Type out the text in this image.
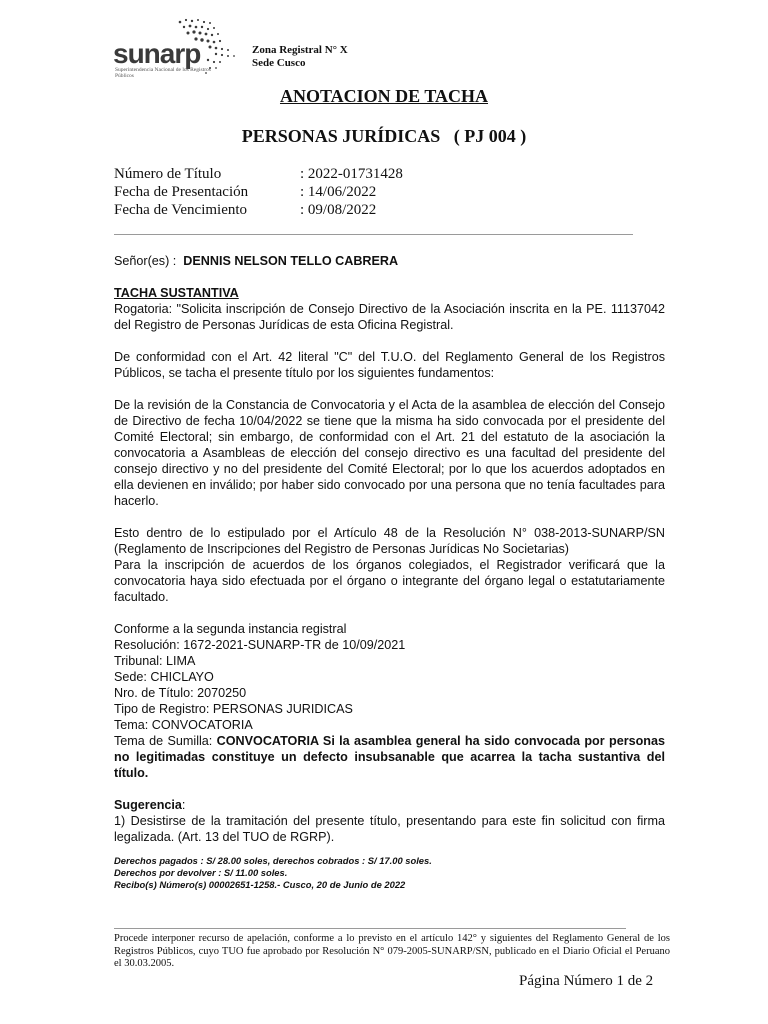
sunarp
Superintendencia Nacional de los Registros Públicos
Zona Registral N° X
Sede Cusco
ANOTACION DE TACHA
PERSONAS JURÍDICAS   ( PJ 004 )
Número de Título	: 2022-01731428
Fecha de Presentación	: 14/06/2022
Fecha de Vencimiento	: 09/08/2022

Señor(es) : DENNIS NELSON TELLO CABRERA

TACHA SUSTANTIVA

Rogatoria: "Solicita inscripción de Consejo Directivo de la Asociación inscrita en la PE. 11137042 del Registro de Personas Jurídicas de esta Oficina Registral.

De conformidad con el Art. 42 literal "C" del T.U.O. del Reglamento General de los Registros Públicos, se tacha el presente título por los siguientes fundamentos:

De la revisión de la Constancia de Convocatoria y el Acta de la asamblea de elección del Consejo de Directivo de fecha 10/04/2022 se tiene que la misma ha sido convocada por el presidente del Comité Electoral; sin embargo, de conformidad con el Art. 21 del estatuto de la asociación la convocatoria a Asambleas de elección del consejo directivo es una facultad del presidente del consejo directivo y no del presidente del Comité Electoral; por lo que los acuerdos adoptados en ella devienen en inválido; por haber sido convocado por una persona que no tenía facultades para hacerlo.

Esto dentro de lo estipulado por el Artículo 48 de la Resolución N° 038-2013-SUNARP/SN (Reglamento de Inscripciones del Registro de Personas Jurídicas No Societarias)

Para la inscripción de acuerdos de los órganos colegiados, el Registrador verificará que la convocatoria haya sido efectuada por el órgano o integrante del órgano legal o estatutariamente facultado.

Conforme a la segunda instancia registral

Resolución: 1672-2021-SUNARP-TR de 10/09/2021

Tribunal: LIMA

Sede: CHICLAYO

Nro. de Título: 2070250

Tipo de Registro: PERSONAS JURIDICAS

Tema: CONVOCATORIA

Tema de Sumilla: CONVOCATORIA Si la asamblea general ha sido convocada por personas no legitimadas constituye un defecto insubsanable que acarrea la tacha sustantiva del título.

Sugerencia:

1) Desistirse de la tramitación del presente título, presentando para este fin solicitud con firma legalizada. (Art. 13 del TUO de RGRP).

Derechos pagados : S/ 28.00 soles, derechos cobrados : S/ 17.00 soles.
Derechos por devolver : S/ 11.00 soles.
Recibo(s) Número(s) 00002651-1258.- Cusco, 20 de Junio de 2022
Procede interponer recurso de apelación, conforme a lo previsto en el artículo 142° y siguientes del Reglamento General de los Registros Públicos, cuyo TUO fue aprobado por Resolución N° 079-2005-SUNARP/SN, publicado en el Diario Oficial el Peruano el 30.03.2005.
Página Número 1 de 2
